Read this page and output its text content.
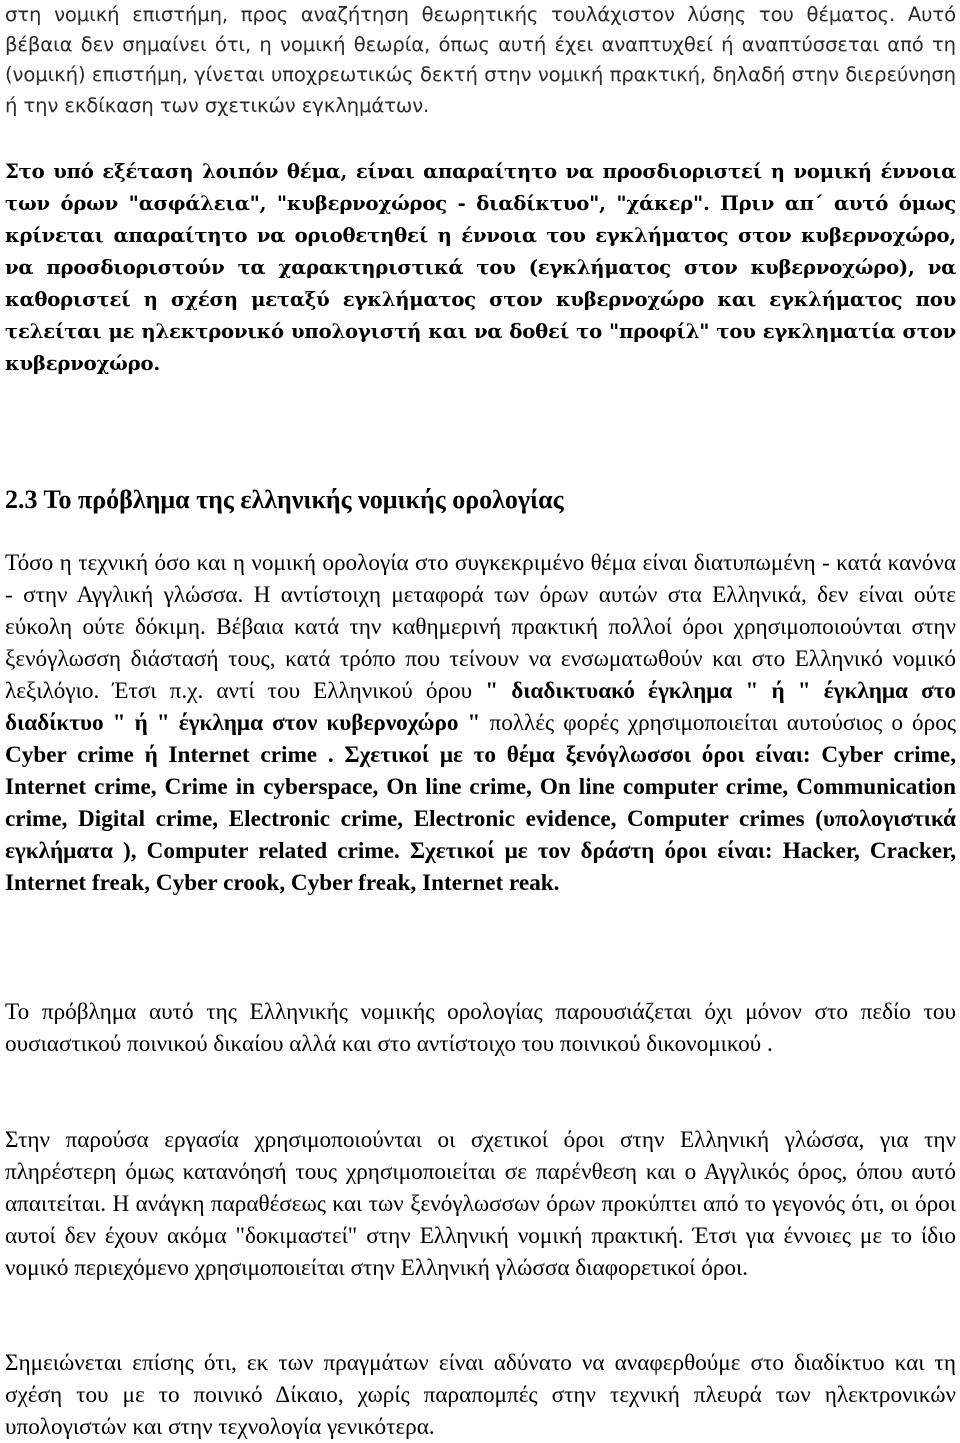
στη νομική επιστήμη, προς αναζήτηση θεωρητικής τουλάχιστον λύσης του θέματος. Αυτό βέβαια δεν σημαίνει ότι, η νομική θεωρία, όπως αυτή έχει αναπτυχθεί ή αναπτύσσεται από τη (νομική) επιστήμη, γίνεται υποχρεωτικώς δεκτή στην νομική πρακτική, δηλαδή στην διερεύνηση ή την εκδίκαση των σχετικών εγκλημάτων.

Στο υπό εξέταση λοιπόν θέμα, είναι απαραίτητο να προσδιοριστεί η νομική έννοια των όρων "ασφάλεια", "κυβερνοχώρος - διαδίκτυο", "χάκερ". Πριν απ΄ αυτό όμως κρίνεται απαραίτητο να οριοθετηθεί η έννοια του εγκλήματος στον κυβερνοχώρο, να προσδιοριστούν τα χαρακτηριστικά του (εγκλήματος στον κυβερνοχώρο), να καθοριστεί η σχέση μεταξύ εγκλήματος στον κυβερνοχώρο και εγκλήματος που τελείται με ηλεκτρονικό υπολογιστή και να δοθεί το "προφίλ" του εγκληματία στον κυβερνοχώρο.

2.3 Το πρόβλημα της ελληνικής νομικής ορολογίας

Τόσο η τεχνική όσο και η νομική ορολογία στο συγκεκριμένο θέμα είναι διατυπωμένη - κατά κανόνα - στην Αγγλική γλώσσα. Η αντίστοιχη μεταφορά των όρων αυτών στα Ελληνικά, δεν είναι ούτε εύκολη ούτε δόκιμη. Βέβαια κατά την καθημερινή πρακτική πολλοί όροι χρησιμοποιούνται στην ξενόγλωσση διάστασή τους, κατά τρόπο που τείνουν να ενσωματωθούν και στο Ελληνικό νομικό λεξιλόγιο. Έτσι π.χ. αντί του Ελληνικού όρου " διαδικτυακό έγκλημα " ή " έγκλημα στο διαδίκτυο " ή " έγκλημα στον κυβερνοχώρο " πολλές φορές χρησιμοποιείται αυτούσιος ο όρος Cyber crime ή Internet crime . Σχετικοί με το θέμα ξενόγλωσσοι όροι είναι: Cyber crime, Internet crime, Crime in cyberspace, On line crime, On line computer crime, Communication crime, Digital crime, Electronic crime, Electronic evidence, Computer crimes (υπολογιστικά εγκλήματα ), Computer related crime. Σχετικοί με τον δράστη όροι είναι: Hacker, Cracker, Internet freak, Cyber crook, Cyber freak, Internet reak.

Το πρόβλημα αυτό της Ελληνικής νομικής ορολογίας παρουσιάζεται όχι μόνον στο πεδίο του ουσιαστικού ποινικού δικαίου αλλά και στο αντίστοιχο του ποινικού δικονομικού .

Στην παρούσα εργασία χρησιμοποιούνται οι σχετικοί όροι στην Ελληνική γλώσσα, για την πληρέστερη όμως κατανόησή τους χρησιμοποιείται σε παρένθεση και ο Αγγλικός όρος, όπου αυτό απαιτείται. Η ανάγκη παραθέσεως και των ξενόγλωσσων όρων προκύπτει από το γεγονός ότι, οι όροι αυτοί δεν έχουν ακόμα "δοκιμαστεί" στην Ελληνική νομική πρακτική. Έτσι για έννοιες με το ίδιο νομικό περιεχόμενο χρησιμοποιείται στην Ελληνική γλώσσα διαφορετικοί όροι.

Σημειώνεται επίσης ότι, εκ των πραγμάτων είναι αδύνατο να αναφερθούμε στο διαδίκτυο και τη σχέση του με το ποινικό Δίκαιο, χωρίς παραπομπές στην τεχνική πλευρά των ηλεκτρονικών υπολογιστών και στην τεχνολογία γενικότερα.
